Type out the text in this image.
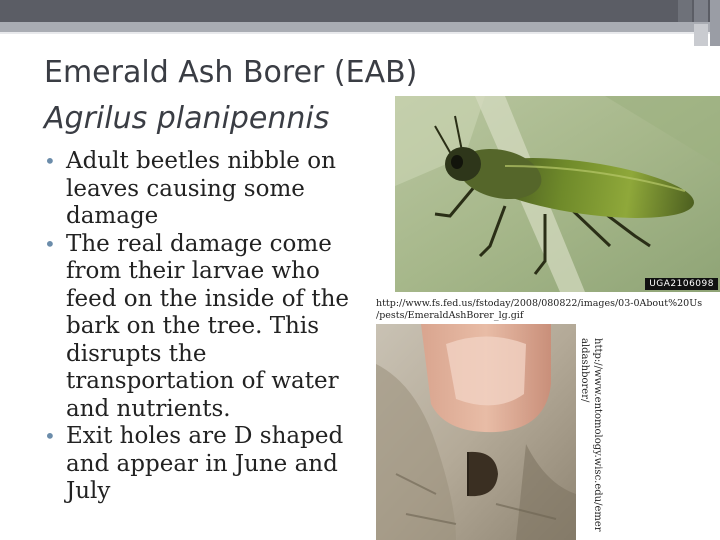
Emerald Ash Borer (EAB)
Agrilus planipennis
• Adult beetles nibble on leaves causing some damage
• The real damage come from their larvae who feed on the inside of the bark on the tree. This disrupts the transportation of water and nutrients.
• Exit holes are D shaped and appear in June and July
UGA2106098
http://www.fs.fed.us/fstoday/2008/080822/images/03-0About%20Us /pests/EmeraldAshBorer_lg.gif
http://www.entomology.wisc.edu/emer aldashborer/
